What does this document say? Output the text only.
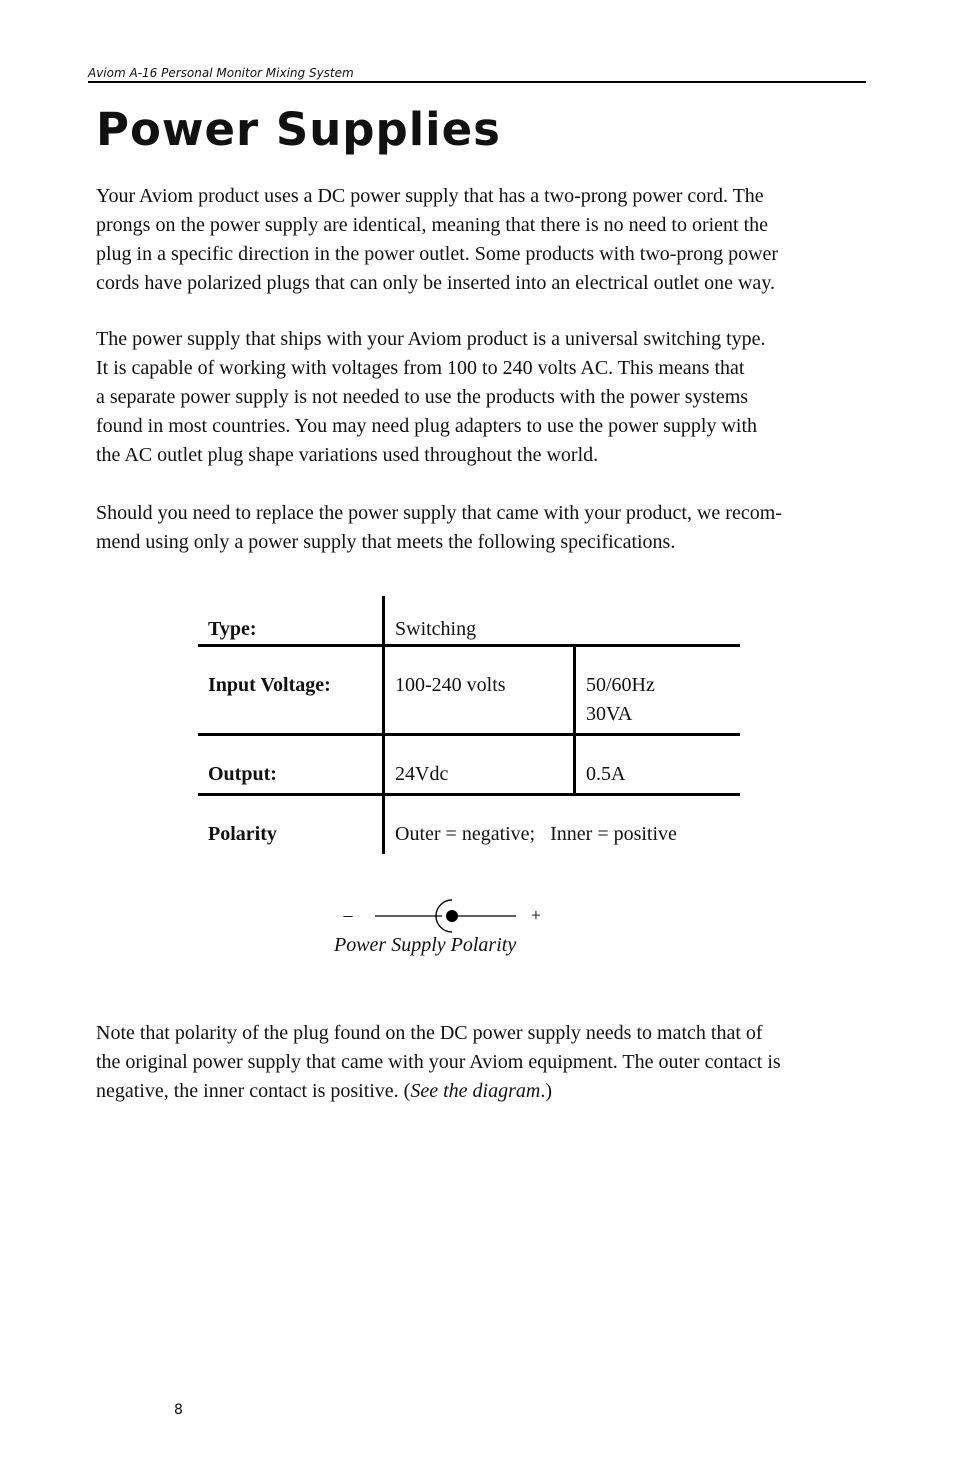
Aviom A-16 Personal Monitor Mixing System
Power Supplies

Your Aviom product uses a DC power supply that has a two-prong power cord. The
prongs on the power supply are identical, meaning that there is no need to orient the
plug in a specific direction in the power outlet. Some products with two-prong power
cords have polarized plugs that can only be inserted into an electrical outlet one way.

The power supply that ships with your Aviom product is a universal switching type.
It is capable of working with voltages from 100 to 240 volts AC. This means that
a separate power supply is not needed to use the products with the power systems
found in most countries. You may need plug adapters to use the power supply with
the AC outlet plug shape variations used throughout the world.

Should you need to replace the power supply that came with your product, we recom-
mend using only a power supply that meets the following specifications.

Type:	Switching
Input Voltage:	100-240 volts	50/60Hz
30VA
Output:	24Vdc	0.5A
Polarity	Outer = negative;   Inner = positive
–	+

Power Supply Polarity

Note that polarity of the plug found on the DC power supply needs to match that of
the original power supply that came with your Aviom equipment. The outer contact is
negative, the inner contact is positive. (See the diagram.)

8
